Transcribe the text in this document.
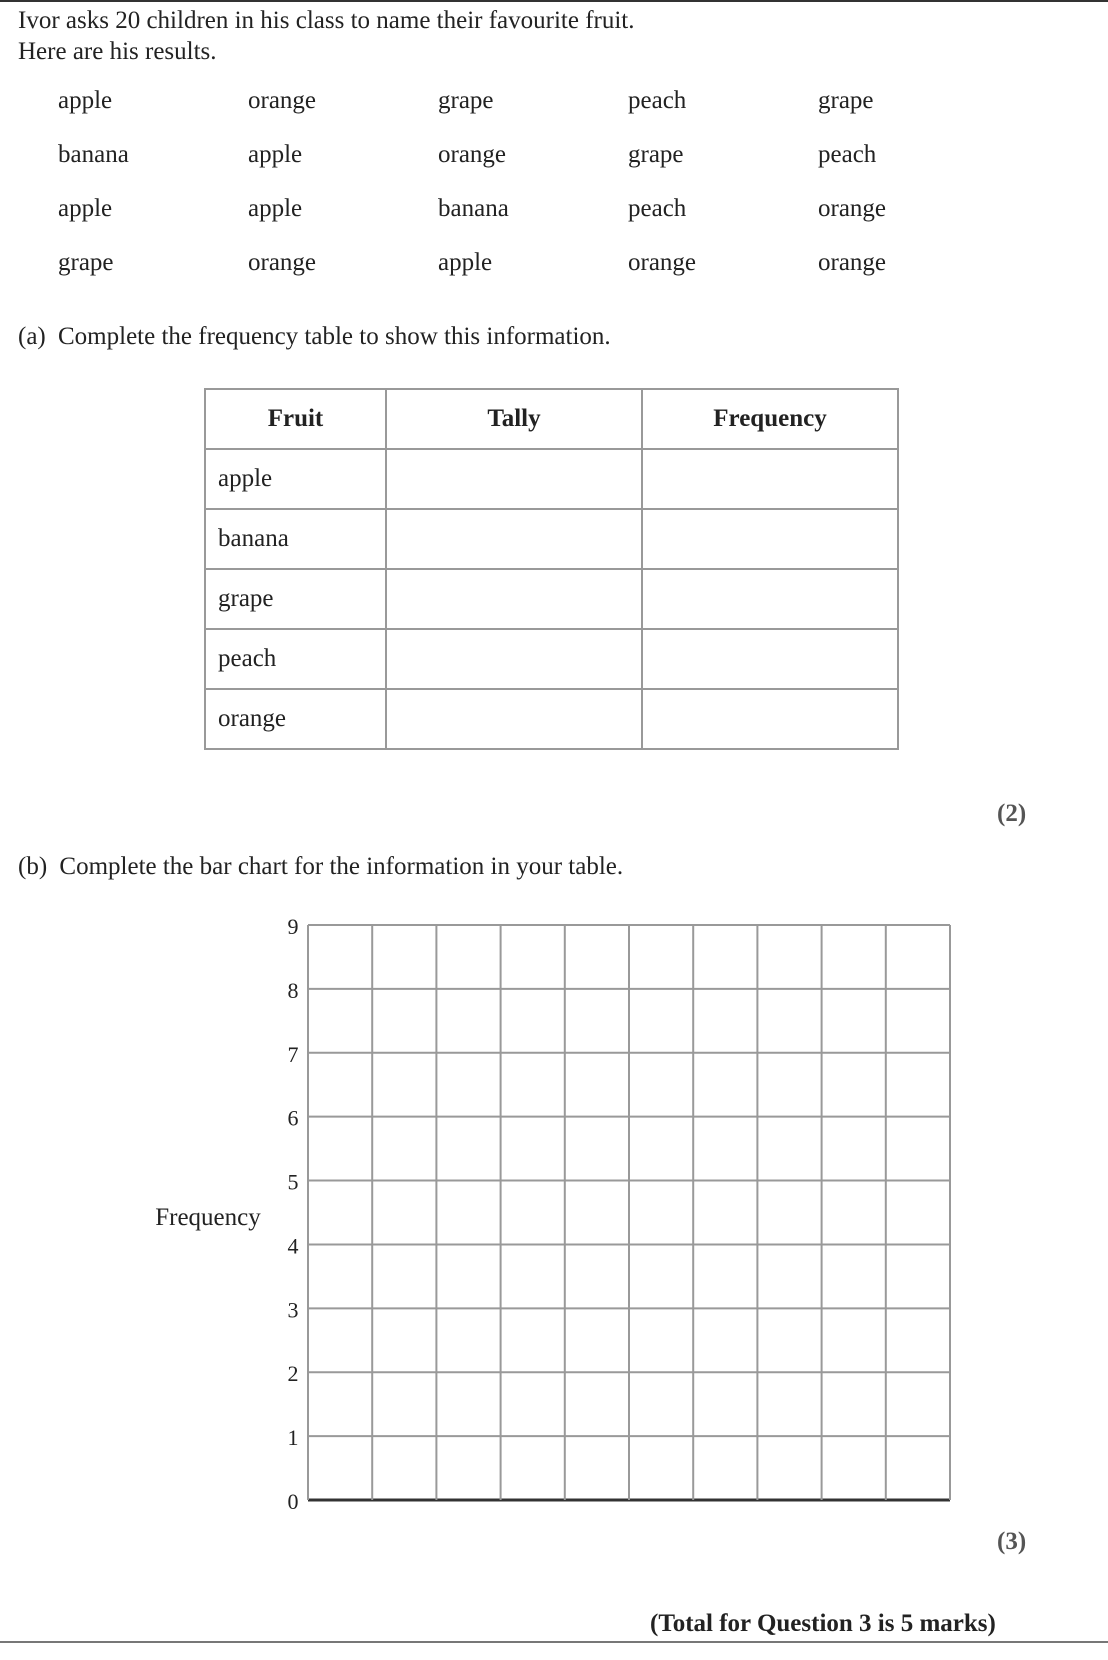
Ivor asks 20 children in his class to name their favourite fruit.
Here are his results.
apple	orange	grape	peach	grape
banana	apple	orange	grape	peach
apple	apple	banana	peach	orange
grape	orange	apple	orange	orange
(a) Complete the frequency table to show this information.
Fruit	Tally	Frequency
apple		
banana		
grape		
peach		
orange		
(2)
(b) Complete the bar chart for the information in your table.
0
1
2
3
4
5
6
7
8
9
Frequency
(3)
(Total for Question 3 is 5 marks)
